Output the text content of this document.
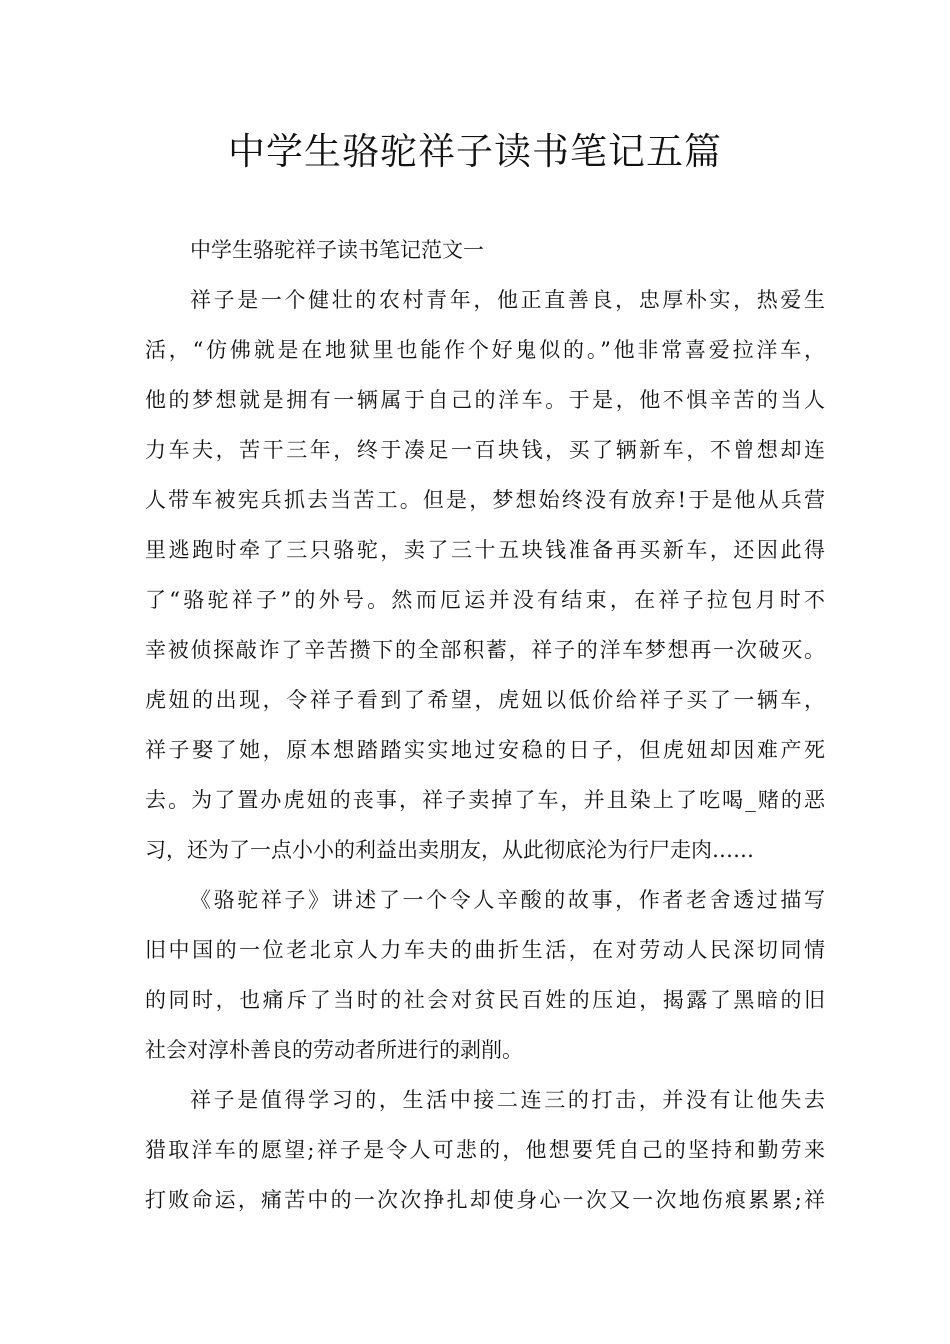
中学生骆驼祥子读书笔记五篇
中学生骆驼祥子读书笔记范文一
祥子是一个健壮的农村青年，他正直善良，忠厚朴实，热爱生
活，“仿佛就是在地狱里也能作个好鬼似的。”他非常喜爱拉洋车，
他的梦想就是拥有一辆属于自己的洋车。于是，他不惧辛苦的当人
力车夫，苦干三年，终于凑足一百块钱，买了辆新车，不曾想却连
人带车被宪兵抓去当苦工。但是，梦想始终没有放弃!于是他从兵营
里逃跑时牵了三只骆驼，卖了三十五块钱准备再买新车，还因此得
了“骆驼祥子”的外号。然而厄运并没有结束，在祥子拉包月时不
幸被侦探敲诈了辛苦攒下的全部积蓄，祥子的洋车梦想再一次破灭。
虎妞的出现，令祥子看到了希望，虎妞以低价给祥子买了一辆车，
祥子娶了她，原本想踏踏实实地过安稳的日子，但虎妞却因难产死
去。为了置办虎妞的丧事，祥子卖掉了车，并且染上了吃喝_赌的恶
习，还为了一点小小的利益出卖朋友，从此彻底沦为行尸走肉……
《骆驼祥子》讲述了一个令人辛酸的故事，作者老舍透过描写
旧中国的一位老北京人力车夫的曲折生活，在对劳动人民深切同情
的同时，也痛斥了当时的社会对贫民百姓的压迫，揭露了黑暗的旧
社会对淳朴善良的劳动者所进行的剥削。
祥子是值得学习的，生活中接二连三的打击，并没有让他失去
猎取洋车的愿望;祥子是令人可悲的，他想要凭自己的坚持和勤劳来
打败命运，痛苦中的一次次挣扎却使身心一次又一次地伤痕累累;祥
